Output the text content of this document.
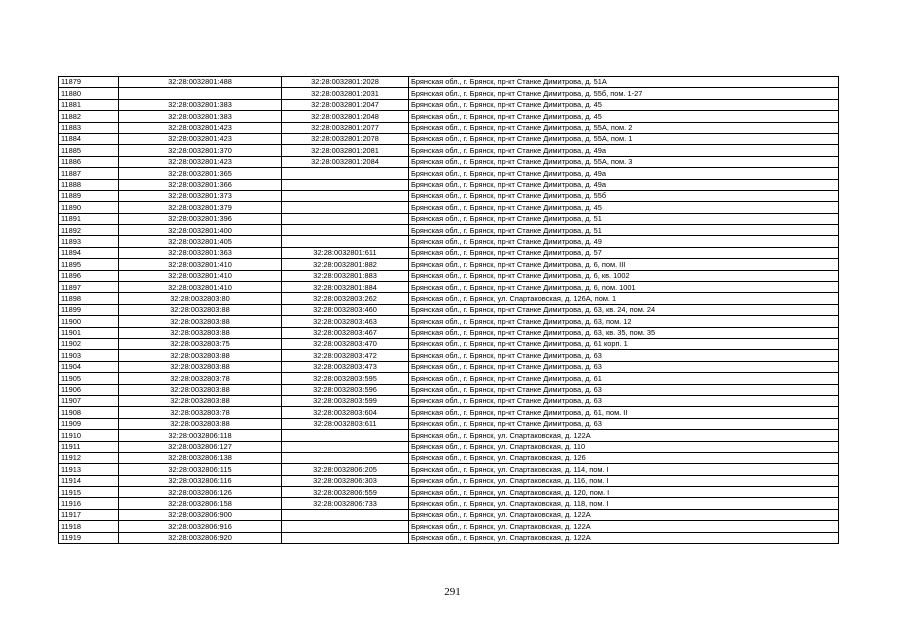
11879	32:28:0032801:488	32:28:0032801:2028	Брянская обл., г. Брянск, пр-кт Станке Димитрова, д. 51А
11880		32:28:0032801:2031	Брянская обл., г. Брянск, пр-кт Станке Димитрова, д. 55б, пом. 1-27
11881	32:28:0032801:383	32:28:0032801:2047	Брянская обл., г. Брянск, пр-кт Станке Димитрова, д. 45
11882	32:28:0032801:383	32:28:0032801:2048	Брянская обл., г. Брянск, пр-кт Станке Димитрова, д. 45
11883	32:28:0032801:423	32:28:0032801:2077	Брянская обл., г. Брянск, пр-кт Станке Димитрова, д. 55А, пом. 2
11884	32:28:0032801:423	32:28:0032801:2078	Брянская обл., г. Брянск, пр-кт Станке Димитрова, д. 55А, пом. 1
11885	32:28:0032801:370	32:28:0032801:2081	Брянская обл., г. Брянск, пр-кт Станке Димитрова, д. 49а
11886	32:28:0032801:423	32:28:0032801:2084	Брянская обл., г. Брянск, пр-кт Станке Димитрова, д. 55А, пом. 3
11887	32:28:0032801:365		Брянская обл., г. Брянск, пр-кт Станке Димитрова, д. 49а
11888	32:28:0032801:366		Брянская обл., г. Брянск, пр-кт Станке Димитрова, д. 49а
11889	32:28:0032801:373		Брянская обл., г. Брянск, пр-кт Станке Димитрова, д. 55б
11890	32:28:0032801:379		Брянская обл., г. Брянск, пр-кт Станке Димитрова, д. 45
11891	32:28:0032801:396		Брянская обл., г. Брянск, пр-кт Станке Димитрова, д. 51
11892	32:28:0032801:400		Брянская обл., г. Брянск, пр-кт Станке Димитрова, д. 51
11893	32:28:0032801:405		Брянская обл., г. Брянск, пр-кт Станке Димитрова, д. 49
11894	32:28:0032801:363	32:28:0032801:611	Брянская обл., г. Брянск, пр-кт Станке Димитрова, д. 57
11895	32:28:0032801:410	32:28:0032801:882	Брянская обл., г. Брянск, пр-кт Станке Димитрова, д. 6, пом. III
11896	32:28:0032801:410	32:28:0032801:883	Брянская обл., г. Брянск, пр-кт Станке Димитрова, д. 6, кв. 1002
11897	32:28:0032801:410	32:28:0032801:884	Брянская обл., г. Брянск, пр-кт Станке Димитрова, д. 6, пом. 1001
11898	32:28:0032803:80	32:28:0032803:262	Брянская обл., г. Брянск, ул. Спартаковская, д. 126А, пом. 1
11899	32:28:0032803:88	32:28:0032803:460	Брянская обл., г. Брянск, пр-кт Станке Димитрова, д. 63, кв. 24, пом. 24
11900	32:28:0032803:88	32:28:0032803:463	Брянская обл., г. Брянск, пр-кт Станке Димитрова, д. 63, пом. 12
11901	32:28:0032803:88	32:28:0032803:467	Брянская обл., г. Брянск, пр-кт Станке Димитрова, д. 63, кв. 35, пом. 35
11902	32:28:0032803:75	32:28:0032803:470	Брянская обл., г. Брянск, пр-кт Станке Димитрова, д. 61 корп. 1
11903	32:28:0032803:88	32:28:0032803:472	Брянская обл., г. Брянск, пр-кт Станке Димитрова, д. 63
11904	32:28:0032803:88	32:28:0032803:473	Брянская обл., г. Брянск, пр-кт Станке Димитрова, д. 63
11905	32:28:0032803:78	32:28:0032803:595	Брянская обл., г. Брянск, пр-кт Станке Димитрова, д. 61
11906	32:28:0032803:88	32:28:0032803:596	Брянская обл., г. Брянск, пр-кт Станке Димитрова, д. 63
11907	32:28:0032803:88	32:28:0032803:599	Брянская обл., г. Брянск, пр-кт Станке Димитрова, д. 63
11908	32:28:0032803:78	32:28:0032803:604	Брянская обл., г. Брянск, пр-кт Станке Димитрова, д. 61, пом. II
11909	32:28:0032803:88	32:28:0032803:611	Брянская обл., г. Брянск, пр-кт Станке Димитрова, д. 63
11910	32:28:0032806:118		Брянская обл., г. Брянск, ул. Спартаковская, д. 122А
11911	32:28:0032806:127		Брянская обл., г. Брянск, ул. Спартаковская, д. 110
11912	32:28:0032806:138		Брянская обл., г. Брянск, ул. Спартаковская, д. 126
11913	32:28:0032806:115	32:28:0032806:205	Брянская обл., г. Брянск, ул. Спартаковская, д. 114, пом. I
11914	32:28:0032806:116	32:28:0032806:303	Брянская обл., г. Брянск, ул. Спартаковская, д. 116, пом. I
11915	32:28:0032806:126	32:28:0032806:559	Брянская обл., г. Брянск, ул. Спартаковская, д. 120, пом. I
11916	32:28:0032806:158	32:28:0032806:733	Брянская обл., г. Брянск, ул. Спартаковская, д. 118, пом. I
11917	32:28:0032806:900		Брянская обл., г. Брянск, ул. Спартаковская, д. 122А
11918	32:28:0032806:916		Брянская обл., г. Брянск, ул. Спартаковская, д. 122А
11919	32:28:0032806:920		Брянская обл., г. Брянск, ул. Спартаковская, д. 122А
291
